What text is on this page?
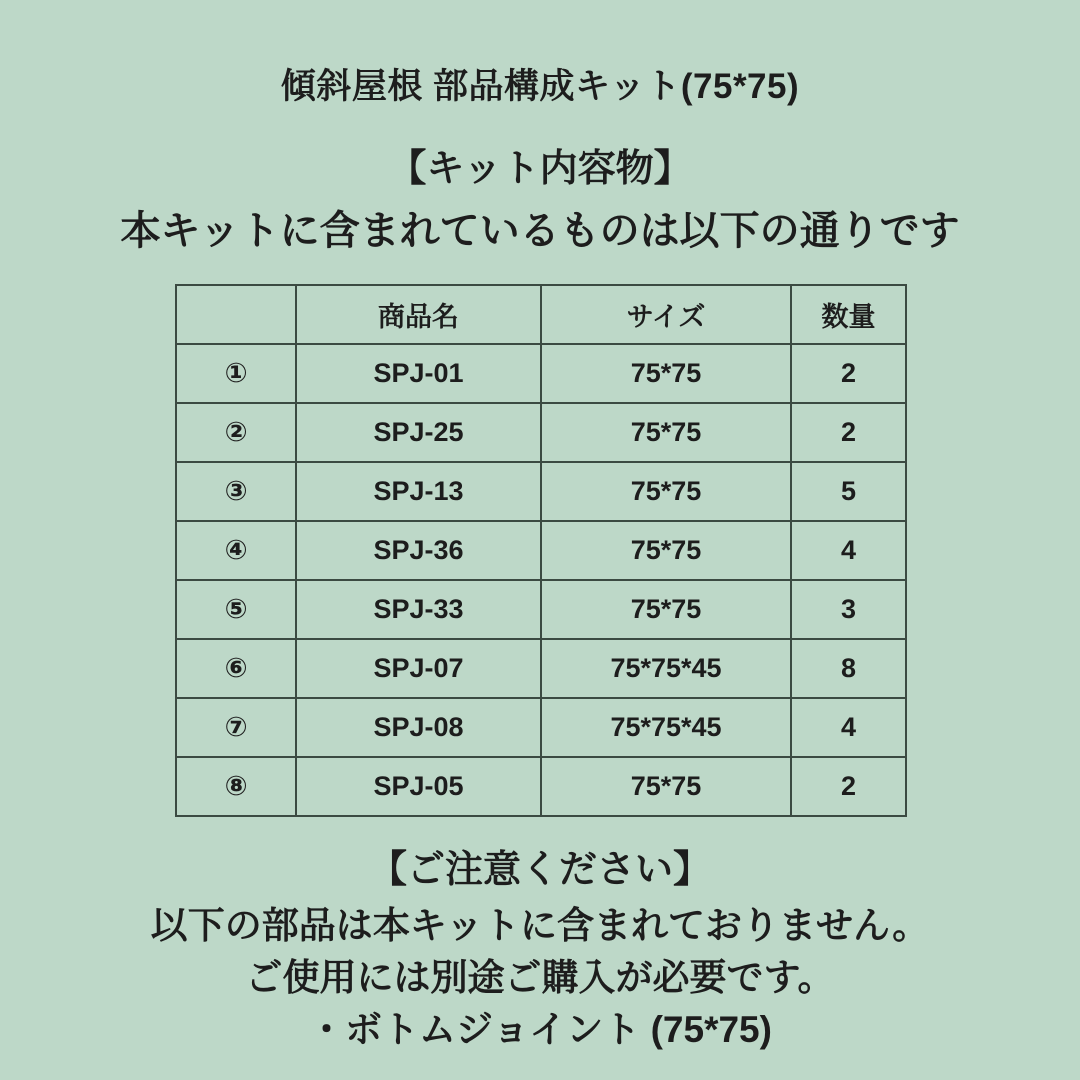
傾斜屋根 部品構成キット(75*75)
【キット内容物】
本キットに含まれているものは以下の通りです
	商品名	サイズ	数量
①	SPJ-01	75*75	2
②	SPJ-25	75*75	2
③	SPJ-13	75*75	5
④	SPJ-36	75*75	4
⑤	SPJ-33	75*75	3
⑥	SPJ-07	75*75*45	8
⑦	SPJ-08	75*75*45	4
⑧	SPJ-05	75*75	2
【ご注意ください】
以下の部品は本キットに含まれておりません。
ご使用には別途ご購入が必要です。
・ボトムジョイント (75*75)
